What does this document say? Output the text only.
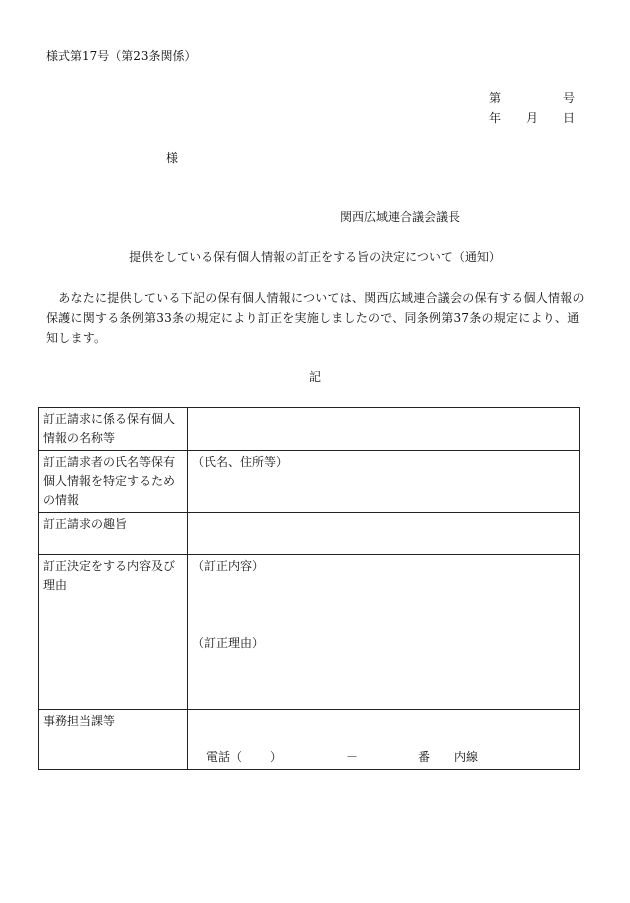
様式第17号（第23条関係）
第	号
年 月 日
様
関西広域連合議会議長
提供をしている保有個人情報の訂正をする旨の決定について（通知）
　あなたに提供している下記の保有個人情報については、関西広域連合議会の保有する個人情報の保護に関する条例第33条の規定により訂正を実施しましたので、同条例第37条の規定により、通知します。
記
訂正請求に係る保有個人情報の名称等	
訂正請求者の氏名等保有個人情報を特定するための情報	（氏名、住所等）

訂正請求の趣旨	
訂正決定をする内容及び理由	（訂正内容）
（訂正理由）

事務担当課等	電話（ ） － 番 内線
